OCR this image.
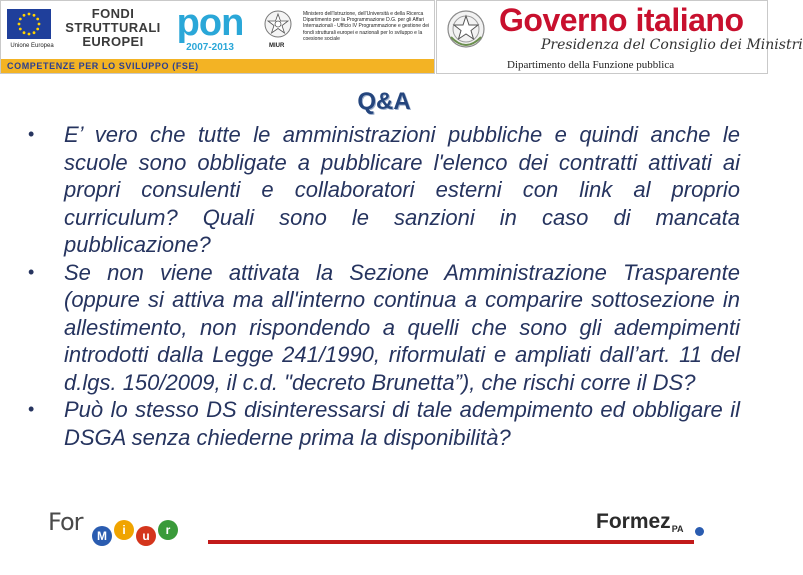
Unione Europea
FONDI
STRUTTURALI
EUROPEI pon
2007-2013	MIUR
Ministero dell'Istruzione, dell'Università e della Ricerca Dipartimento per la Programmazione D.G. per gli Affari Internazionali - Ufficio IV Programmazione e gestione dei fondi strutturali europei e nazionali per lo sviluppo e la coesione sociale
COMPETENZE PER LO SVILUPPO (FSE)
Governo italiano
Presidenza del Consiglio dei Ministri
Dipartimento della Funzione pubblica
Q&A
• E’ vero che tutte le amministrazioni pubbliche e quindi anche le scuole sono obbligate a pubblicare l'elenco dei contratti attivati ai propri consulenti e collaboratori esterni con link al proprio curriculum? Quali sono le sanzioni in caso di mancata pubblicazione?
• Se non viene attivata la Sezione Amministrazione Trasparente (oppure si attiva ma all'interno continua a comparire sottosezione in allestimento, non rispondendo a quelli che sono gli adempimenti introdotti dalla Legge 241/1990, riformulati e ampliati dall’art. 11 del d.lgs. 150/2009, il c.d. "decreto Brunetta”), che rischi corre il DS?
• Può lo stesso DS disinteressarsi di tale adempimento ed obbligare il DSGA senza chiederne prima la disponibilità?
For	M	i	u	r	FormezPA
